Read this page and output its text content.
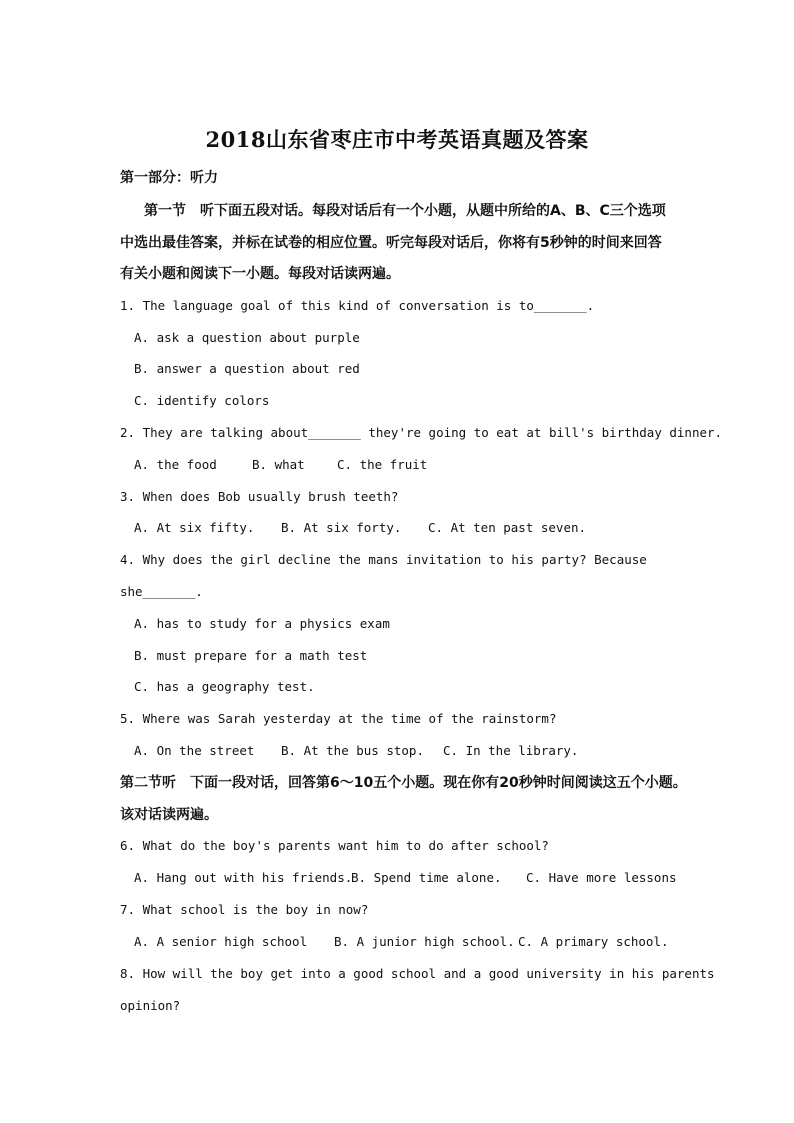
2018山东省枣庄市中考英语真题及答案
第一部分：听力
第一节　听下面五段对话。每段对话后有一个小题，从题中所给的A、B、C三个选项
中选出最佳答案，并标在试卷的相应位置。听完每段对话后，你将有5秒钟的时间来回答
有关小题和阅读下一小题。每段对话读两遍。
1. The language goal of this kind of conversation is to_______.
A. ask a question about purple
B. answer a question about red
C. identify colors
2. They are talking about_______ they're going to eat at bill's birthday dinner.
A. the food	B. what	C. the fruit
3. When does Bob usually brush teeth?
A. At six fifty. B. At six forty. C. At ten past seven.
4. Why does the girl decline the mans invitation to his party? Because
she_______.
A. has to study for a physics exam
B. must prepare for a math test
C. has a geography test.
5. Where was Sarah yesterday at the time of the rainstorm?
A. On the street B. At the bus stop. C. In the library.
第二节听　下面一段对话，回答第6～10五个小题。现在你有20秒钟时间阅读这五个小题。
该对话读两遍。
6. What do the boy's parents want him to do after school?
A. Hang out with his friends.
B. Spend time alone. C. Have more lessons
7. What school is the boy in now?
A. A senior high school B. A junior high school. C. A primary school.
8. How will the boy get into a good school and a good university in his parents
opinion?
